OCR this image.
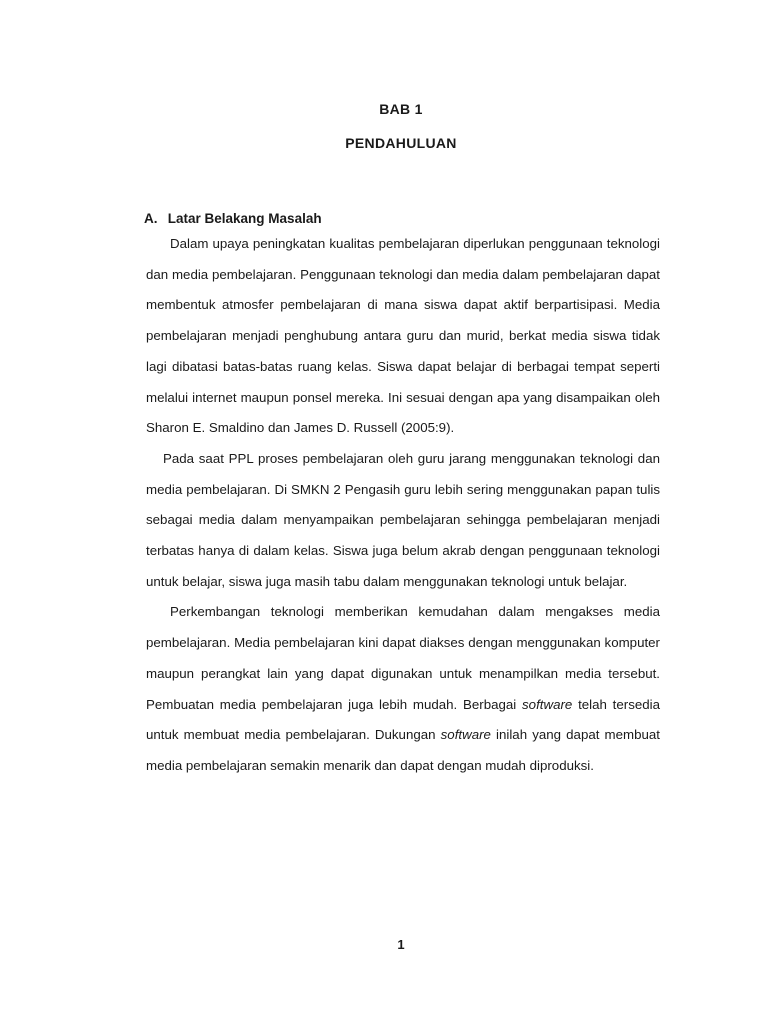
BAB 1
PENDAHULUAN
A. Latar Belakang Masalah

Dalam upaya peningkatan kualitas pembelajaran diperlukan penggunaan teknologi dan media pembelajaran. Penggunaan teknologi dan media dalam pembelajaran dapat membentuk atmosfer pembelajaran di mana siswa dapat aktif berpartisipasi. Media pembelajaran menjadi penghubung antara guru dan murid, berkat media siswa tidak lagi dibatasi batas-batas ruang kelas. Siswa dapat belajar di berbagai tempat seperti melalui internet maupun ponsel mereka. Ini sesuai dengan apa yang disampaikan oleh Sharon E. Smaldino dan James D. Russell (2005:9).

Pada saat PPL proses pembelajaran oleh guru jarang menggunakan teknologi dan media pembelajaran. Di SMKN 2 Pengasih guru lebih sering menggunakan papan tulis sebagai media dalam menyampaikan pembelajaran sehingga pembelajaran menjadi terbatas hanya di dalam kelas. Siswa juga belum akrab dengan penggunaan teknologi untuk belajar, siswa juga masih tabu dalam menggunakan teknologi untuk belajar.

Perkembangan teknologi memberikan kemudahan dalam mengakses media pembelajaran. Media pembelajaran kini dapat diakses dengan menggunakan komputer maupun perangkat lain yang dapat digunakan untuk menampilkan media tersebut. Pembuatan media pembelajaran juga lebih mudah. Berbagai software telah tersedia untuk membuat media pembelajaran. Dukungan software inilah yang dapat membuat media pembelajaran semakin menarik dan dapat dengan mudah diproduksi.

1
